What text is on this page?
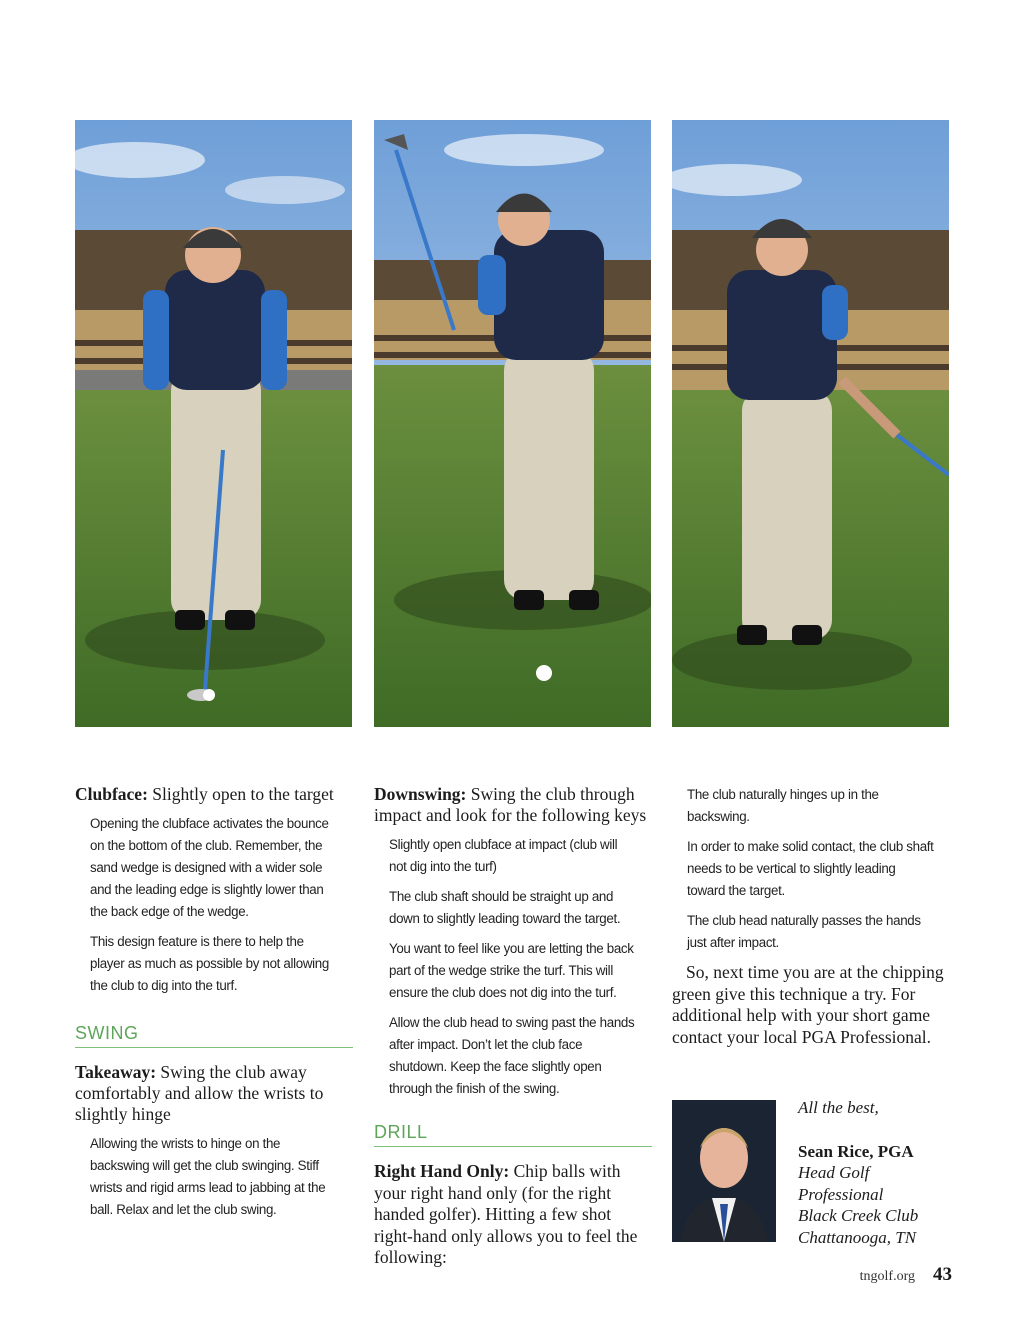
Clubface: Slightly open to the target

Opening the clubface activates the bounce on the bottom of the club. Remember, the sand wedge is designed with a wider sole and the leading edge is slightly lower than the back edge of the wedge.

This design feature is there to help the player as much as possible by not allowing the club to dig into the turf.

SWING

Takeaway: Swing the club away comfortably and allow the wrists to slightly hinge

Allowing the wrists to hinge on the backswing will get the club swinging. Stiff wrists and rigid arms lead to jabbing at the ball. Relax and let the club swing.

Downswing: Swing the club through impact and look for the following keys

Slightly open clubface at impact (club will not dig into the turf)

The club shaft should be straight up and down to slightly leading toward the target.

You want to feel like you are letting the back part of the wedge strike the turf. This will ensure the club does not dig into the turf.

Allow the club head to swing past the hands after impact. Don’t let the club face shutdown. Keep the face slightly open through the finish of the swing.

DRILL

Right Hand Only: Chip balls with your right hand only (for the right handed golfer). Hitting a few shot right-hand only allows you to feel the following:

The club naturally hinges up in the backswing.

In order to make solid contact, the club shaft needs to be vertical to slightly leading toward the target.

The club head naturally passes the hands just after impact.

So, next time you are at the chipping green give this technique a try. For additional help with your short game contact your local PGA Professional.

All the best,
Sean Rice, PGA
Head Golf
Professional
Black Creek Club
Chattanooga, TN
tngolf.org 43
